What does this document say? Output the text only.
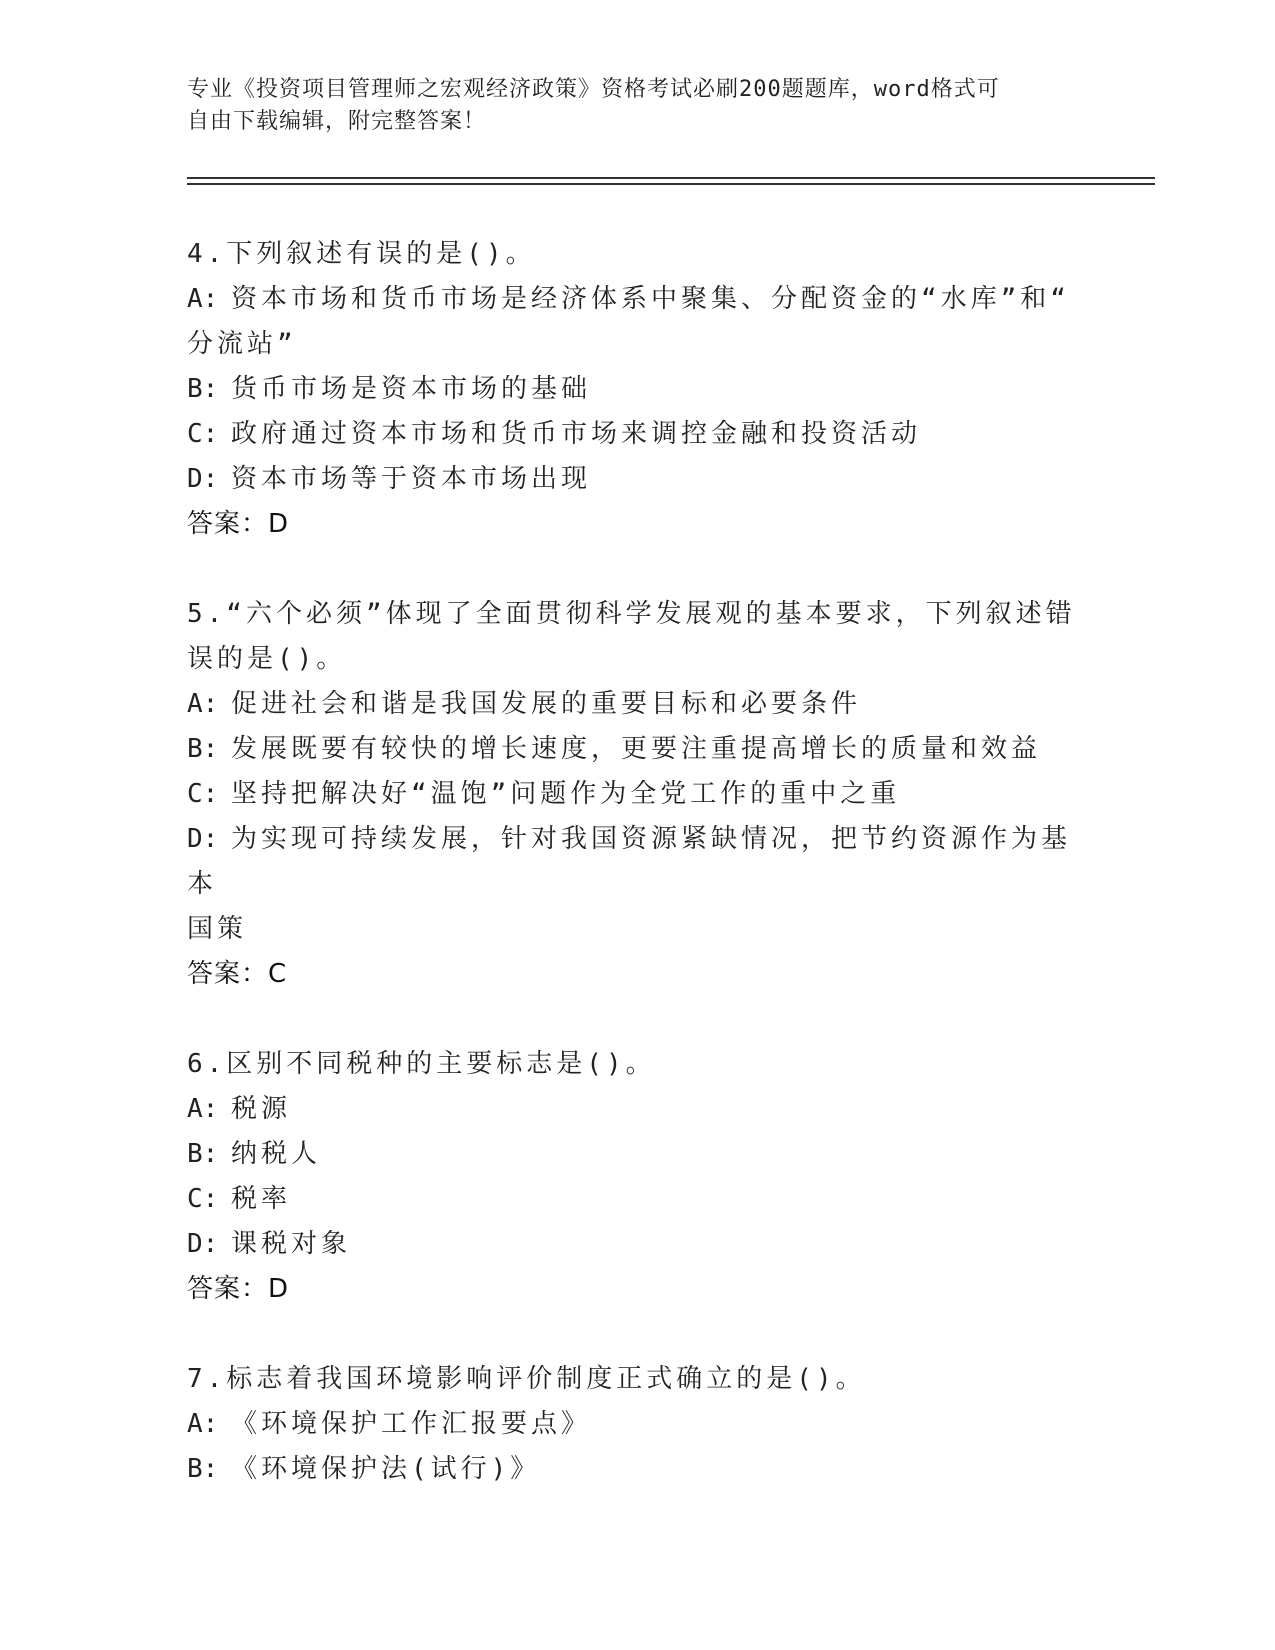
专业《投资项目管理师之宏观经济政策》资格考试必刷200题题库，word格式可
自由下载编辑，附完整答案！
4.下列叙述有误的是()。
A: 资本市场和货币市场是经济体系中聚集、分配资金的“水库”和“
分流站”
B: 货币市场是资本市场的基础
C: 政府通过资本市场和货币市场来调控金融和投资活动
D: 资本市场等于资本市场出现
答案：D
5.“六个必须”体现了全面贯彻科学发展观的基本要求，下列叙述错
误的是()。
A: 促进社会和谐是我国发展的重要目标和必要条件
B: 发展既要有较快的增长速度，更要注重提高增长的质量和效益
C: 坚持把解决好“温饱”问题作为全党工作的重中之重
D: 为实现可持续发展，针对我国资源紧缺情况，把节约资源作为基本
国策
答案：C
6.区别不同税种的主要标志是()。
A: 税源
B: 纳税人
C: 税率
D: 课税对象
答案：D
7.标志着我国环境影响评价制度正式确立的是()。
A: 《环境保护工作汇报要点》
B: 《环境保护法(试行)》
